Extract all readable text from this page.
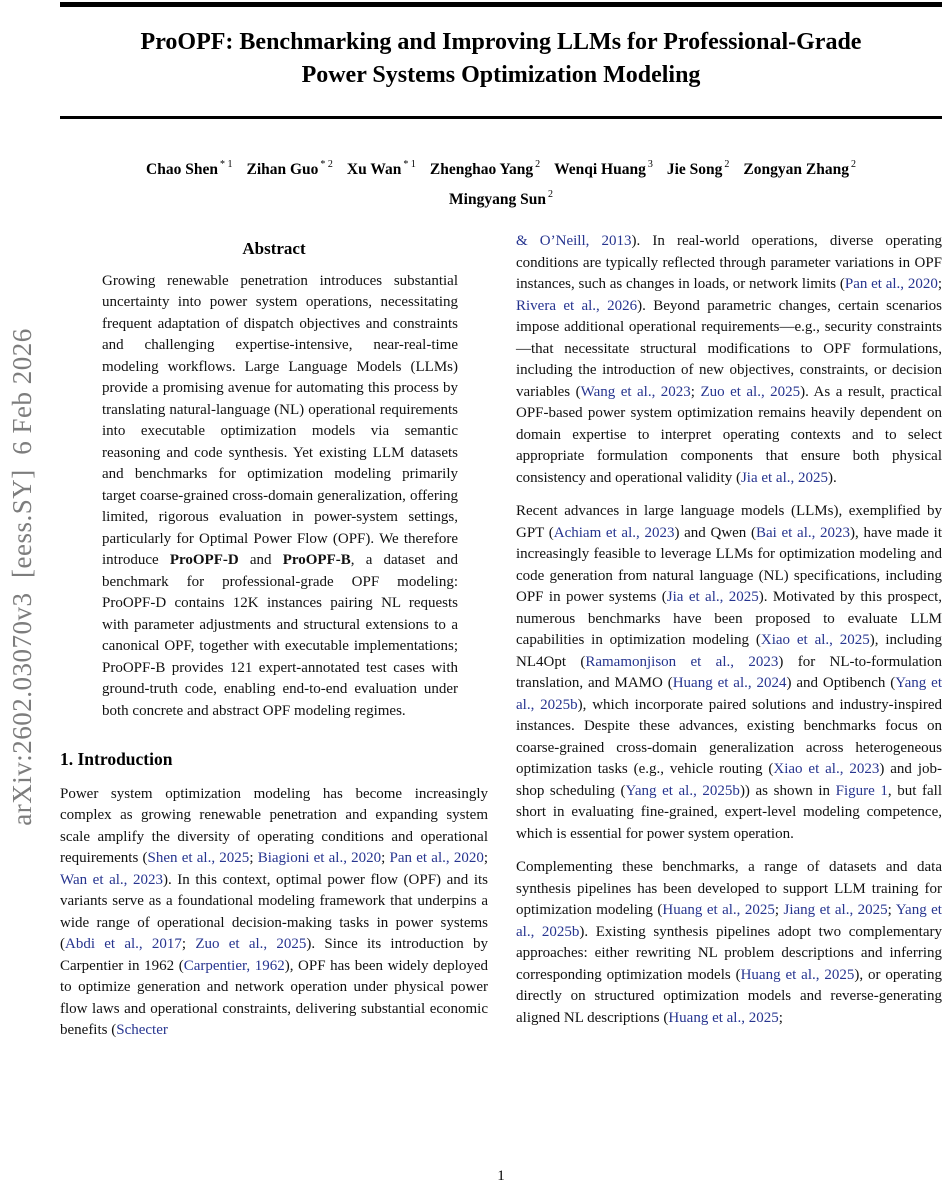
arXiv:2602.03070v3  [eess.SY]  6 Feb 2026
ProOPF: Benchmarking and Improving LLMs for Professional-Grade
Power Systems Optimization Modeling
Chao Shen $^{* 1}$ Zihan Guo $^{* 2}$ Xu Wan $^{* 1}$ Zhenghao Yang $^2$ Wenqi Huang $^3$ Jie Song $^2$ Zongyan Zhang $^2$
Mingyang Sun $^2$
Abstract

Growing renewable penetration introduces substantial uncertainty into power system operations, necessitating frequent adaptation of dispatch objectives and constraints and challenging expertise-intensive, near-real-time modeling workflows. Large Language Models (LLMs) provide a promising avenue for automating this process by translating natural-language (NL) operational requirements into executable optimization models via semantic reasoning and code synthesis. Yet existing LLM datasets and benchmarks for optimization modeling primarily target coarse-grained cross-domain generalization, offering limited, rigorous evaluation in power-system settings, particularly for Optimal Power Flow (OPF). We therefore introduce ProOPF-D and ProOPF-B, a dataset and benchmark for professional-grade OPF modeling: ProOPF-D contains 12K instances pairing NL requests with parameter adjustments and structural extensions to a canonical OPF, together with executable implementations; ProOPF-B provides 121 expert-annotated test cases with ground-truth code, enabling end-to-end evaluation under both concrete and abstract OPF modeling regimes.

1. Introduction

Power system optimization modeling has become increasingly complex as growing renewable penetration and expanding system scale amplify the diversity of operating conditions and operational requirements (Shen et al., 2025; Biagioni et al., 2020; Pan et al., 2020; Wan et al., 2023). In this context, optimal power flow (OPF) and its variants serve as a foundational modeling framework that underpins a wide range of operational decision-making tasks in power systems (Abdi et al., 2017; Zuo et al., 2025). Since its introduction by Carpentier in 1962 (Carpentier, 1962), OPF has been widely deployed to optimize generation and network operation under physical power flow laws and operational constraints, delivering substantial economic benefits (Schecter

& O’Neill, 2013). In real-world operations, diverse operating conditions are typically reflected through parameter variations in OPF instances, such as changes in loads, or network limits (Pan et al., 2020; Rivera et al., 2026). Beyond parametric changes, certain scenarios impose additional operational requirements—e.g., security constraints—that necessitate structural modifications to OPF formulations, including the introduction of new objectives, constraints, or decision variables (Wang et al., 2023; Zuo et al., 2025). As a result, practical OPF-based power system optimization remains heavily dependent on domain expertise to interpret operating contexts and to select appropriate formulation components that ensure both physical consistency and operational validity (Jia et al., 2025).

Recent advances in large language models (LLMs), exemplified by GPT (Achiam et al., 2023) and Qwen (Bai et al., 2023), have made it increasingly feasible to leverage LLMs for optimization modeling and code generation from natural language (NL) specifications, including OPF in power systems (Jia et al., 2025). Motivated by this prospect, numerous benchmarks have been proposed to evaluate LLM capabilities in optimization modeling (Xiao et al., 2025), including NL4Opt (Ramamonjison et al., 2023) for NL-to-formulation translation, and MAMO (Huang et al., 2024) and Optibench (Yang et al., 2025b), which incorporate paired solutions and industry-inspired instances. Despite these advances, existing benchmarks focus on coarse-grained cross-domain generalization across heterogeneous optimization tasks (e.g., vehicle routing (Xiao et al., 2023) and job-shop scheduling (Yang et al., 2025b)) as shown in Figure 1, but fall short in evaluating fine-grained, expert-level modeling competence, which is essential for power system operation.

Complementing these benchmarks, a range of datasets and data synthesis pipelines has been developed to support LLM training for optimization modeling (Huang et al., 2025; Jiang et al., 2025; Yang et al., 2025b). Existing synthesis pipelines adopt two complementary approaches: either rewriting NL problem descriptions and inferring corresponding optimization models (Huang et al., 2025), or operating directly on structured optimization models and reverse-generating aligned NL descriptions (Huang et al., 2025;

1
